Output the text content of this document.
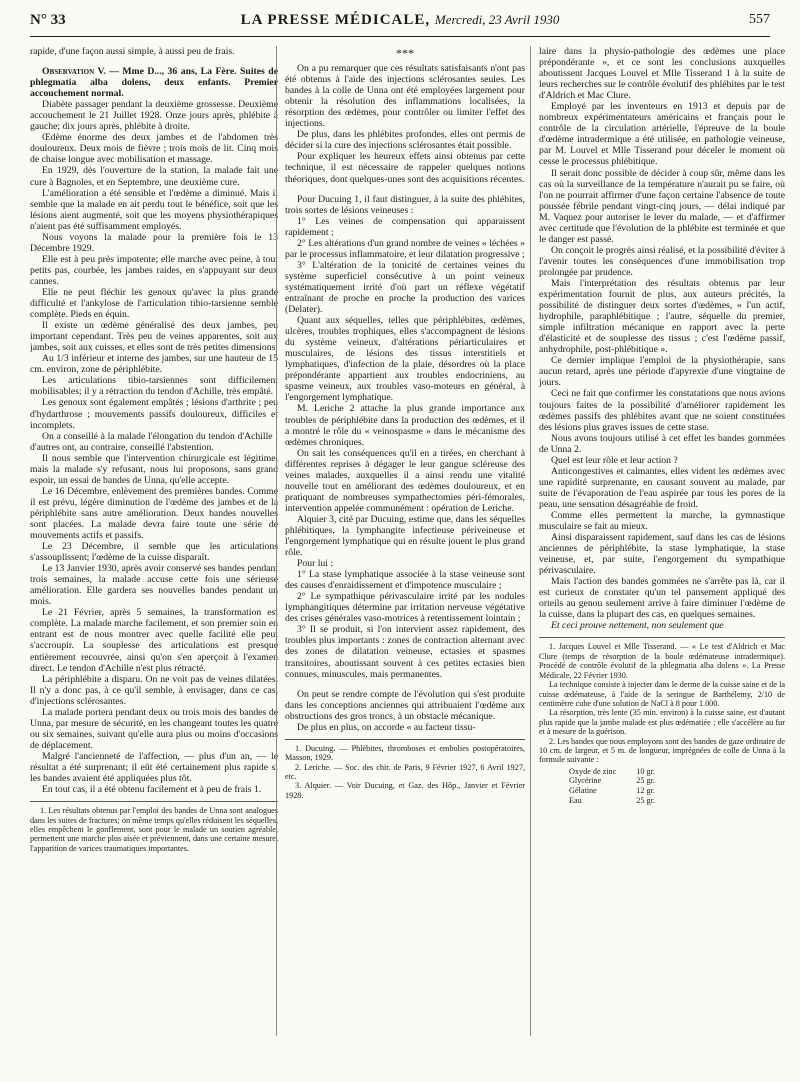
N° 33	LA PRESSE MÉDICALE, Mercredi, 23 Avril 1930	557

rapide, d'une façon aussi simple, à aussi peu de frais.

Observation V. — Mme D..., 36 ans, La Fère. Suites de phlegmatia alba dolens, deux enfants. Premier accouchement normal.

Diabète passager pendant la deuxième grossesse. Deuxième accouchement le 21 Juillet 1928. Onze jours après, phlébite à gauche; dix jours après, phlébite à droite.

Œdème énorme des deux jambes et de l'abdomen très douloureux. Deux mois de fièvre ; trois mois de lit. Cinq mois de chaise longue avec mobilisation et massage.

En 1929, dès l'ouverture de la station, la malade fait une cure à Bagnoles, et en Septembre, une deuxième cure.

L'amélioration a été sensible et l'œdème a diminué. Mais il semble que la malade en ait perdu tout le bénéfice, soit que les lésions aient augmenté, soit que les moyens physiothérapiques n'aient pas été suffisamment employés.

Nous voyons la malade pour la première fois le 13 Décembre 1929.

Elle est à peu près impotente; elle marche avec peine, à tout petits pas, courbée, les jambes raides, en s'appuyant sur deux cannes.

Elle ne peut fléchir les genoux qu'avec la plus grande difficulté et l'ankylose de l'articulation tibio-tarsienne semble complète. Pieds en équin.

Il existe un œdème généralisé des deux jambes, peu important cependant. Très peu de veines apparentes, soit aux jambes, soit aux cuisses, et elles sont de très petites dimensions.

Au 1/3 inférieur et interne des jambes, sur une hauteur de 15 cm. environ, zone de périphlébite.

Les articulations tibio-tarsiennes sont difficilement mobilisables; il y a rétraction du tendon d'Achille, très empâté.

Les genoux sont également empâtés ; lésions d'arthrite ; peu d'hydarthrose ; mouvements passifs douloureux, difficiles et incomplets.

On a conseillé à la malade l'élongation du tendon d'Achille ; d'autres ont, au contraire, conseillé l'abstention.

Il nous semble que l'intervention chirurgicale est légitime, mais la malade s'y refusant, nous lui proposons, sans grand espoir, un essai de bandes de Unna, qu'elle accepte.

Le 16 Décembre, enlèvement des premières bandes. Comme il est prévu, légère diminution de l'œdème des jambes et de la périphlébite sans autre amélioration. Deux bandes nouvelles sont placées. La malade devra faire toute une série de mouvements actifs et passifs.

Le 23 Décembre, il semble que les articulations s'assouplissent; l'œdème de la cuisse disparaît.

Le 13 Janvier 1930, après avoir conservé ses bandes pendant trois semaines, la malade accuse cette fois une sérieuse amélioration. Elle gardera ses nouvelles bandes pendant un mois.

Le 21 Février, après 5 semaines, la transformation est complète. La malade marche facilement, et son premier soin en entrant est de nous montrer avec quelle facilité elle peut s'accroupir. La souplesse des articulations est presque entièrement recouvrée, ainsi qu'on s'en aperçoit à l'examen direct. Le tendon d'Achille n'est plus rétracté.

La périphlébite a disparu. On ne voit pas de veines dilatées. Il n'y a donc pas, à ce qu'il semble, à envisager, dans ce cas, d'injections sclérosantes.

La malade portera pendant deux ou trois mois des bandes de Unna, par mesure de sécurité, en les changeant toutes les quatre ou six semaines, suivant qu'elle aura plus ou moins d'occasions de déplacement.

Malgré l'ancienneté de l'affection, — plus d'un an, — le résultat a été surprenant; il eût été certainement plus rapide si les bandes avaient été appliquées plus tôt.

En tout cas, il a été obtenu facilement et à peu de frais 1.

1. Les résultats obtenus par l'emploi des bandes de Unna sont analogues dans les suites de fractures; on même temps qu'elles réduisent les séquelles, elles empêchent le gonflement, sont pour le malade un soutien agréable, permettent une marche plus aisée et préviennent, dans une certaine mesure, l'apparition de varices traumatiques importantes.

***

On a pu remarquer que ces résultats satisfaisants n'ont pas été obtenus à l'aide des injections sclérosantes seules. Les bandes à la colle de Unna ont été employées largement pour obtenir la résolution des inflammations localisées, la résorption des œdèmes, pour contrôler ou limiter l'effet des injections.

De plus, dans les phlébites profondes, elles ont permis de décider si la cure des injections sclérosantes était possible.

Pour expliquer les heureux effets ainsi obtenus par cette technique, il est nécessaire de rappeler quelques notions théoriques, dont quelques-unes sont des acquisitions récentes.

Pour Ducuing 1, il faut distinguer, à la suite des phlébites, trois sortes de lésions veineuses :

1° Les veines de compensation qui apparaissent rapidement ;

2° Les altérations d'un grand nombre de veines « léchées » par le processus inflammatoire, et leur dilatation progressive ;

3° L'altération de la tonicité de certaines veines du système superficiel consécutive à un point veineux systématiquement irrité d'où part un réflexe végétatif entraînant de proche en proche la production des varices (Delater).

Quant aux séquelles, telles que périphlébites, œdèmes, ulcères, troubles trophiques, elles s'accompagnent de lésions du système veineux, d'altérations périarticulaires et musculaires, de lésions des tissus interstitiels et lymphatiques, d'infection de la plaie, désordres où la place prépondérante appartient aux troubles endocriniens, au spasme veineux, aux troubles vaso-moteurs en général, à l'engorgement lymphatique.

M. Leriche 2 attache la plus grande importance aux troubles de périphlébite dans la production des œdèmes, et il a montré le rôle du « veinospasme » dans le mécanisme des œdèmes chroniques.

On sait les conséquences qu'il en a tirées, en cherchant à différentes reprises à dégager le leur gangue scléreuse des veines malades, auxquelles il a ainsi rendu une vitalité nouvelle tout en améliorant des œdèmes douloureux, et en pratiquant de nombreuses sympathectomies péri-fémorales, intervention appelée communément : opération de Leriche.

Alquier 3, cité par Ducuing, estime que, dans les séquelles phlébitiques, la lymphangite infectieuse périveineuse et l'engorgement lymphatique qui en résulte jouent le plus grand rôle.

Pour lui :

1° La stase lymphatique associée à la stase veineuse sont des causes d'enraidissement et d'impotence musculaire ;

2° Le sympathique périvasculaire irrité par les nodules lymphangitiques détermine par irritation nerveuse végétative des crises générales vaso-motrices à retentissement lointain ;

3° Il se produit, si l'on intervient assez rapidement, des troubles plus importants : zones de contraction alternant avec des zones de dilatation veineuse, ectasies et spasmes transitoires, aboutissant souvent à ces petites ectasies bien connues, minuscules, mais permanentes.

On peut se rendre compte de l'évolution qui s'est produite dans les conceptions anciennes qui attribuaient l'œdème aux obstructions des gros troncs, à un obstacle mécanique.

De plus en plus, on accorde « au facteur tissu-

1. Ducuing. — Phlébites, thromboses et embolies postopératoires, Masson, 1929.

2. Leriche. — Soc. des chir. de Paris, 9 Février 1927, 6 Avril 1927, etc.

3. Alquier. — Voir Ducuing, et Gaz. des Hôp., Janvier et Février 1928.

laire dans la physio-pathologie des œdèmes une place prépondérante », et ce sont les conclusions auxquelles aboutissent Jacques Louvel et Mlle Tisserand 1 à la suite de leurs recherches sur le contrôle évolutif des phlébites par le test d'Aldrich et Mac Clure.

Employé par les inventeurs en 1913 et depuis par de nombreux expérimentateurs américains et français pour le contrôle de la circulation artérielle, l'épreuve de la boule d'œdème intradermique a été utilisée, en pathologie veineuse, par M. Louvel et Mlle Tisserand pour déceler le moment où cesse le processus phlébitique.

Il serait donc possible de décider à coup sûr, même dans les cas où la surveillance de la température n'aurait pu se faire, où l'on ne pourrait affirmer d'une façon certaine l'absence de toute poussée fébrile pendant vingt-cinq jours, — délai indiqué par M. Vaquez pour autoriser le lever du malade, — et d'affirmer avec certitude que l'évolution de la phlébite est terminée et que le danger est passé.

On conçoit le progrès ainsi réalisé, et la possibilité d'éviter à l'avenir toutes les conséquences d'une immobilisation trop prolongée par prudence.

Mais l'interprétation des résultats obtenus par leur expérimentation fournit de plus, aux auteurs précités, la possibilité de distinguer deux sortes d'œdèmes, « l'un actif, hydrophile, paraphlébitique ; l'autre, séquelle du premier, simple infiltration mécanique en rapport avec la perte d'élasticité et de souplesse des tissus ; c'est l'œdème passif, anhydrophile, post-phlébitique ».

Ce dernier implique l'emploi de la physiothérapie, sans aucun retard, après une période d'apyrexie d'une vingtaine de jours.

Ceci ne fait que confirmer les constatations que nous avions toujours faites de la possibilité d'améliorer rapidement les œdèmes passifs des phlébites avant que ne soient constituées des lésions plus graves issues de cette stase.

Nous avons toujours utilisé à cet effet les bandes gommées de Unna 2.

Quel est leur rôle et leur action ?

Anticongestives et calmantes, elles vident les œdèmes avec une rapidité surprenante, en causant souvent au malade, par suite de l'évaporation de l'eau aspirée par tous les pores de la peau, une sensation désagréable de froid.

Comme elles permettent la marche, la gymnastique musculaire se fait au mieux.

Ainsi disparaissent rapidement, sauf dans les cas de lésions anciennes de périphlébite, la stase lymphatique, la stase veineuse, et, par suite, l'engorgement du sympathique périvasculaire.

Mais l'action des bandes gommées ne s'arrête pas là, car il est curieux de constater qu'un tel pansement appliqué des orteils au genou seulement arrive à faire diminuer l'œdème de la cuisse, dans la plupart des cas, en quelques semaines.

Et ceci prouve nettement, non seulement que

1. Jacques Louvel et Mlle Tisserand. — « Le test d'Aldrich et Mac Clure (temps de résorption de la boule œdémateuse intradermique). Procédé de contrôle évolutif de la phlegmatia alba dolens ». La Presse Médicale, 22 Février 1930.

La technique consiste à injecter dans le derme de la cuisse saine et de la cuisse œdémateuse, à l'aide de la seringue de Barthélemy, 2/10 de centimètre cube d'une solution de NaCl à 8 pour 1.000.

La résorption, très lente (35 min. environ) à la cuisse saine, est d'autant plus rapide que la jambe malade est plus œdématiée ; elle s'accélère au fur et à mesure de la guérison.

2. Les bandes que nous employons sont des bandes de gaze ordinaire de 10 cm. de largeur, et 5 m. de longueur, imprégnées de colle de Unna à la formule suivante :

Oxyde de zinc	10 gr.
Glycérine	25 gr.
Gélatine	12 gr.
Eau	25 gr.
